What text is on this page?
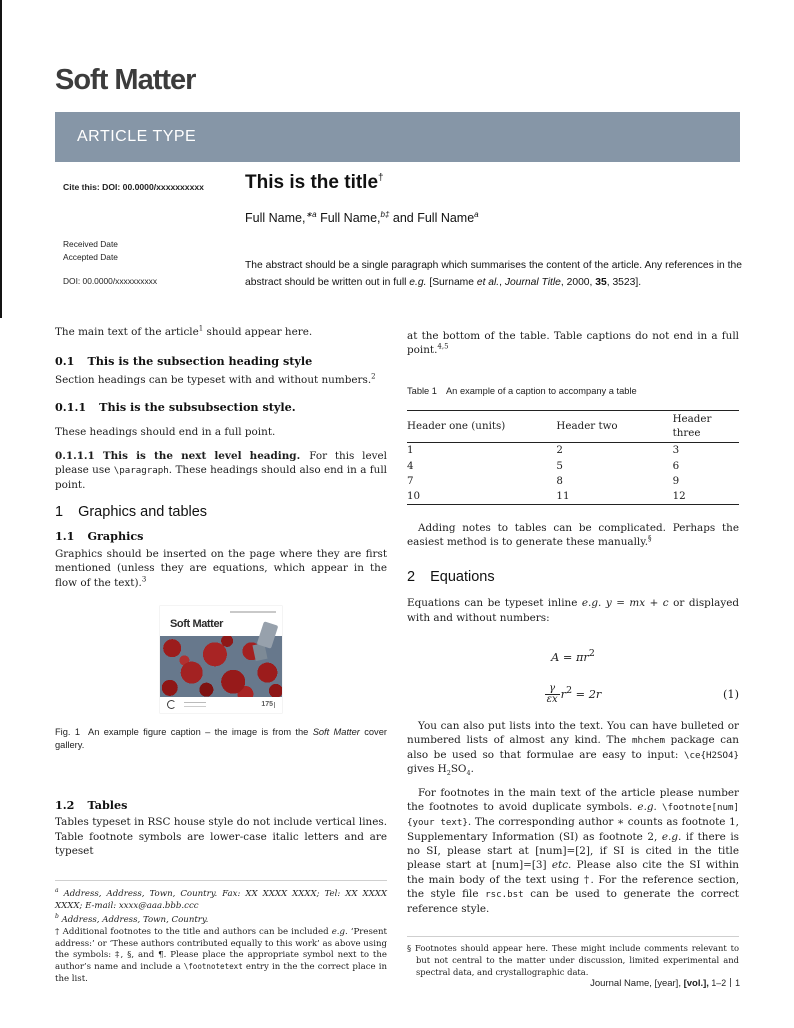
Soft Matter
ARTICLE TYPE
Cite this: DOI: 00.0000/xxxxxxxxxx
Received Date
Accepted Date
DOI: 00.0000/xxxxxxxxxx
This is the title†
Full Name,$^{∗a}$ Full Name,$^{b\ddagger}$ and Full Name$^a$
The abstract should be a single paragraph which summarises the content of the article. Any references in the abstract should be written out in full e.g. [Surname et al., Journal Title, 2000, 35, 3523].

The main text of the article$^1$ should appear here.

0.1 This is the subsection heading style

Section headings can be typeset with and without numbers.$^2$

0.1.1 This is the subsubsection style.

These headings should end in a full point.

0.1.1.1 This is the next level heading. For this level please use \paragraph. These headings should also end in a full point.

1 Graphics and tables
1.1 Graphics

Graphics should be inserted on the page where they are first mentioned (unless they are equations, which appear in the flow of the text).$^3$

Soft Matter
175
Fig. 1 An example figure caption – the image is from the Soft Matter cover gallery.
1.2 Tables

Tables typeset in RSC house style do not include vertical lines. Table footnote symbols are lower-case italic letters and are typeset

$^a$ Address, Address, Town, Country. Fax: XX XXXX XXXX; Tel: XX XXXX XXXX; E-mail: xxxx@aaa.bbb.ccc

$^b$ Address, Address, Town, Country.

† Additional footnotes to the title and authors can be included e.g. ‘Present address:’ or ‘These authors contributed equally to this work’ as above using the symbols: ‡, §, and ¶. Please place the appropriate symbol next to the author’s name and include a \footnotetext entry in the the correct place in the list.

at the bottom of the table. Table captions do not end in a full point.$^{4,5}$

Table 1 An example of a caption to accompany a table
Header one (units)	Header two	Header three
1	2	3
4	5	6
7	8	9
10	11	12

Adding notes to tables can be complicated. Perhaps the easiest method is to generate these manually.§

2 Equations

Equations can be typeset inline e.g. y = mx + c or displayed with and without numbers:

$A = \pi r^2$
$\frac{\gamma}{\varepsilon x} r^2 = 2r$	(1)

You can also put lists into the text. You can have bulleted or numbered lists of almost any kind. The mhchem package can also be used so that formulae are easy to input: \ce{H2SO4} gives $H_2SO_4$.

For footnotes in the main text of the article please number the footnotes to avoid duplicate symbols. e.g. \footnote[num]{your text}. The corresponding author ∗ counts as footnote 1, Supplementary Information (SI) as footnote 2, e.g. if there is no SI, please start at [num]=[2], if SI is cited in the title please start at [num]=[3] etc. Please also cite the SI within the main body of the text using †. For the reference section, the style file rsc.bst can be used to generate the correct reference style.

§ Footnotes should appear here. These might include comments relevant to but not central to the matter under discussion, limited experimental and spectral data, and crystallographic data.

Journal Name, [year], [vol.], 1–2 1
